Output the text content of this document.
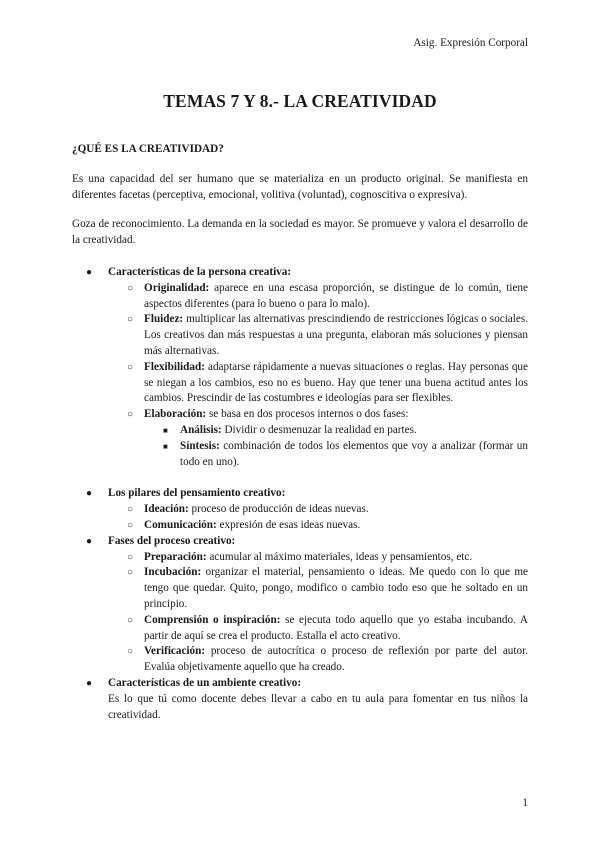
Asig. Expresión Corporal
TEMAS 7 Y 8.- LA CREATIVIDAD

¿QUÉ ES LA CREATIVIDAD?

Es una capacidad del ser humano que se materializa en un producto original. Se manifiesta en diferentes facetas (perceptiva, emocional, volitiva (voluntad), cognoscitiva o expresiva).

Goza de reconocimiento. La demanda en la sociedad es mayor. Se promueve y valora el desarrollo de la creatividad.

● Características de la persona creativa:
○ Originalidad: aparece en una escasa proporción, se distingue de lo común, tiene aspectos diferentes (para lo bueno o para lo malo).
○ Fluidez: multiplicar las alternativas prescindiendo de restricciones lógicas o sociales. Los creativos dan más respuestas a una pregunta, elaboran más soluciones y piensan más alternativas.
○ Flexibilidad: adaptarse rápidamente a nuevas situaciones o reglas. Hay personas que se niegan a los cambios, eso no es bueno. Hay que tener una buena actitud antes los cambios. Prescindir de las costumbres e ideologías para ser flexibles.
○ Elaboración: se basa en dos procesos internos o dos fases:
■ Análisis: Dividir o desmenuzar la realidad en partes.
■ Síntesis: combinación de todos los elementos que voy a analizar (formar un todo en uno).
● Los pilares del pensamiento creativo:
○ Ideación: proceso de producción de ideas nuevas.
○ Comunicación: expresión de esas ideas nuevas.
● Fases del proceso creativo:
○ Preparación: acumular al máximo materiales, ideas y pensamientos, etc.
○ Incubación: organizar el material, pensamiento o ideas. Me quedo con lo que me tengo que quedar. Quito, pongo, modifico o cambio todo eso que he soltado en un principio.
○ Comprensión o inspiración: se ejecuta todo aquello que yo estaba incubando. A partir de aquí se crea el producto. Estalla el acto creativo.
○ Verificación: proceso de autocrítica o proceso de reflexión por parte del autor. Evalúa objetivamente aquello que ha creado.
● Características de un ambiente creativo:
Es lo que tú como docente debes llevar a cabo en tu aula para fomentar en tus niños la creatividad.
1
